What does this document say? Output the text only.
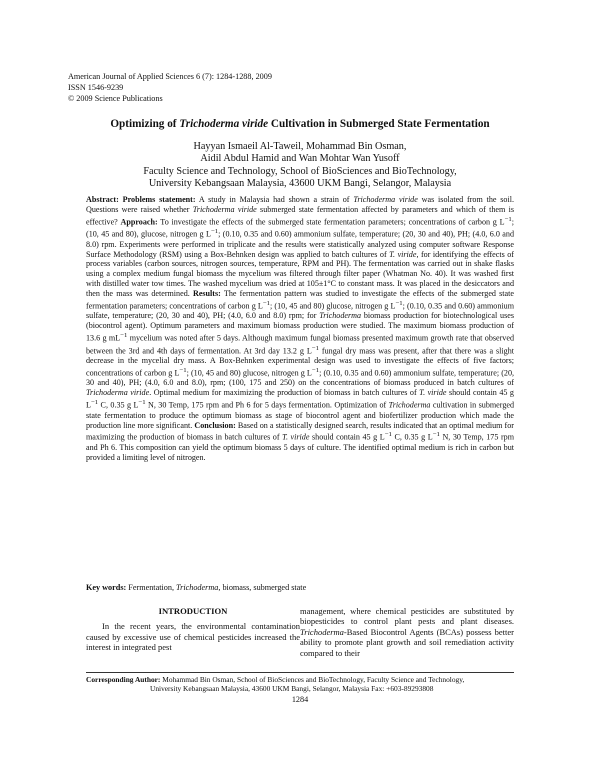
American Journal of Applied Sciences 6 (7): 1284-1288, 2009
ISSN 1546-9239
© 2009 Science Publications
Optimizing of Trichoderma viride Cultivation in Submerged State Fermentation
Hayyan Ismaeil Al-Taweil, Mohammad Bin Osman,
Aidil Abdul Hamid and Wan Mohtar Wan Yusoff
Faculty Science and Technology, School of BioSciences and BioTechnology,
University Kebangsaan Malaysia, 43600 UKM Bangi, Selangor, Malaysia

Abstract: Problems statement: A study in Malaysia had shown a strain of Trichoderma viride was isolated from the soil. Questions were raised whether Trichoderma viride submerged state fermentation affected by parameters and which of them is effective? Approach: To investigate the effects of the submerged state fermentation parameters; concentrations of carbon g $L^{-1}$; (10, 45 and 80), glucose, nitrogen g $L^{-1}$; (0.10, 0.35 and 0.60) ammonium sulfate, temperature; (20, 30 and 40), PH; (4.0, 6.0 and 8.0) rpm. Experiments were performed in triplicate and the results were statistically analyzed using computer software Response Surface Methodology (RSM) using a Box-Behnken design was applied to batch cultures of T. viride, for identifying the effects of process variables (carbon sources, nitrogen sources, temperature, RPM and PH). The fermentation was carried out in shake flasks using a complex medium fungal biomass the mycelium was filtered through filter paper (Whatman No. 40). It was washed first with distilled water tow times. The washed mycelium was dried at 105±1°C to constant mass. It was placed in the desiccators and then the mass was determined. Results: The fermentation pattern was studied to investigate the effects of the submerged state fermentation parameters; concentrations of carbon g $L^{-1}$; (10, 45 and 80) glucose, nitrogen g $L^{-1}$; (0.10, 0.35 and 0.60) ammonium sulfate, temperature; (20, 30 and 40), PH; (4.0, 6.0 and 8.0) rpm; for Trichoderma biomass production for biotechnological uses (biocontrol agent). Optimum parameters and maximum biomass production were studied. The maximum biomass production of 13.6 g $mL^{-1}$ mycelium was noted after 5 days. Although maximum fungal biomass presented maximum growth rate that observed between the 3rd and 4th days of fermentation. At 3rd day 13.2 g $L^{-1}$ fungal dry mass was present, after that there was a slight decrease in the mycelial dry mass. A Box-Behnken experimental design was used to investigate the effects of five factors; concentrations of carbon g $L^{-1}$; (10, 45 and 80) glucose, nitrogen g $L^{-1}$; (0.10, 0.35 and 0.60) ammonium sulfate, temperature; (20, 30 and 40), PH; (4.0, 6.0 and 8.0), rpm; (100, 175 and 250) on the concentrations of biomass produced in batch cultures of Trichoderma viride. Optimal medium for maximizing the production of biomass in batch cultures of T. viride should contain 45 g $L^{-1}$ C, 0.35 g $L^{-1}$ N, 30 Temp, 175 rpm and Ph 6 for 5 days fermentation. Optimization of Trichoderma cultivation in submerged state fermentation to produce the optimum biomass as stage of biocontrol agent and biofertilizer production which made the production line more significant. Conclusion: Based on a statistically designed search, results indicated that an optimal medium for maximizing the production of biomass in batch cultures of T. viride should contain 45 g $L^{-1}$ C, 0.35 g $L^{-1}$ N, 30 Temp, 175 rpm and Ph 6. This composition can yield the optimum biomass 5 days of culture. The identified optimal medium is rich in carbon but provided a limiting level of nitrogen.

Key words: Fermentation, Trichoderma, biomass, submerged state
INTRODUCTION

In the recent years, the environmental contamination caused by excessive use of chemical pesticides increased the interest in integrated pest

management, where chemical pesticides are substituted by biopesticides to control plant pests and plant diseases. Trichoderma-Based Biocontrol Agents (BCAs) possess better ability to promote plant growth and soil remediation activity compared to their

Corresponding Author: Mohammad Bin Osman, School of BioSciences and BioTechnology, Faculty Science and Technology,
University Kebangsaan Malaysia, 43600 UKM Bangi, Selangor, Malaysia Fax: +603-89293808
1284
